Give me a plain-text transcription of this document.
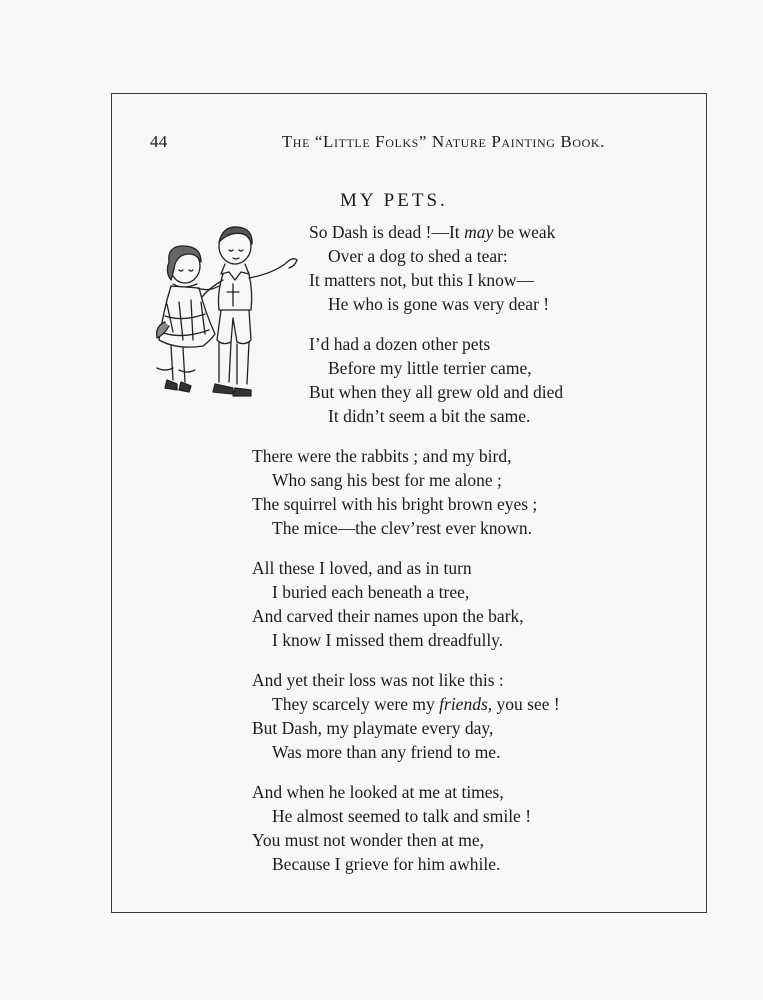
44	The “Little Folks” Nature Painting Book.
MY PETS.
So Dash is dead !—It may be weak
Over a dog to shed a tear:
It matters not, but this I know—
He who is gone was very dear !
I’d had a dozen other pets
Before my little terrier came,
But when they all grew old and died
It didn’t seem a bit the same.
There were the rabbits ; and my bird,
Who sang his best for me alone ;
The squirrel with his bright brown eyes ;
The mice—the clev’rest ever known.
All these I loved, and as in turn
I buried each beneath a tree,
And carved their names upon the bark,
I know I missed them dreadfully.
And yet their loss was not like this :
They scarcely were my friends, you see !
But Dash, my playmate every day,
Was more than any friend to me.
And when he looked at me at times,
He almost seemed to talk and smile !
You must not wonder then at me,
Because I grieve for him awhile.
